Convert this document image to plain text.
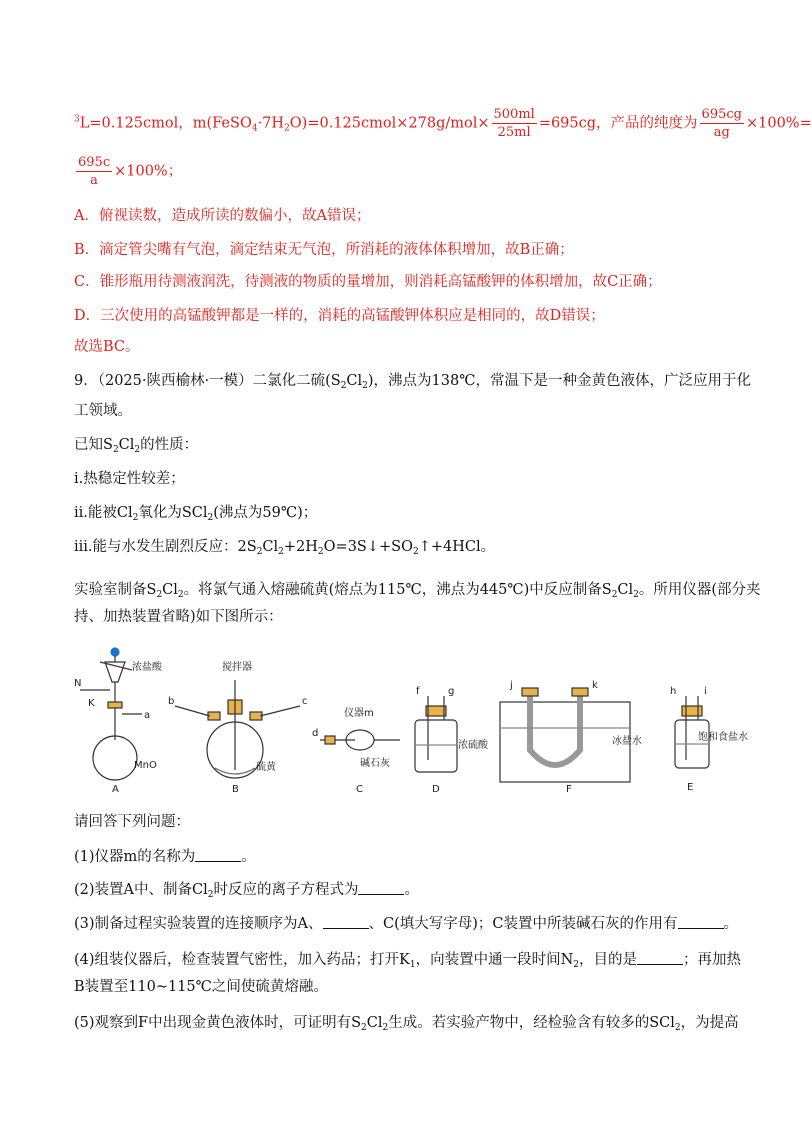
$^3$L=0.125cmol，$m(FeSO_4\cdot 7H_2O)=0.125cmol\times 278g/mol\times \frac{500ml}{25ml} =695cg$，产品的纯度为 $\frac{695cg}{ag} \times 100\%=$
$\frac{695c}{a} \times 100\%$；
A．俯视读数，造成所读的数偏小，故A错误；
B．滴定管尖嘴有气泡，滴定结束无气泡，所消耗的液体体积增加，故B正确；
C．锥形瓶用待测液润洗，待测液的物质的量增加，则消耗高锰酸钾的体积增加，故C正确；
D．三次使用的高锰酸钾都是一样的，消耗的高锰酸钾体积应是相同的，故D错误；
故选BC。
9．（2025·陕西榆林·一模）二氯化二硫$(S_2Cl_2)$，沸点为138℃，常温下是一种金黄色液体，广泛应用于化
工领域。
已知$S_2Cl_2$的性质：
ⅰ.热稳定性较差；
ⅱ.能被$Cl_2$氧化为SCl$_2$(沸点为59℃)；
ⅲ.能与水发生剧烈反应：$2S_2Cl_2+2H_2O=3S↓+SO_2↑+4HCl$。
实验室制备$S_2Cl_2$。将氯气通入熔融硫黄(熔点为115℃，沸点为445℃)中反应制备$S_2Cl_2$。所用仪器(部分夹
持、加热装置省略)如下图所示：
浓盐酸
N
K
a
MnO
搅拌器
b	c
硫黄
仪器m
d
碱石灰
f	g
浓硫酸
j	k
冰盐水
h	i
饱和食盐水
A	B	C	D	F	E
请回答下列问题：
(1)仪器m的名称为	。
(2)装置A中、制备$Cl_2$时反应的离子方程式为	。
(3)制备过程实验装置的连接顺序为A、	、C(填大写字母)；C装置中所装碱石灰的作用有	。
(4)组装仪器后，检查装置气密性，加入药品；打开$K_1$，向装置中通一段时间$N_2$，目的是	；再加热
B装置至110~115℃之间使硫黄熔融。
(5)观察到F中出现金黄色液体时，可证明有$S_2Cl_2$生成。若实验产物中，经检验含有较多的SCl$_2$，为提高
